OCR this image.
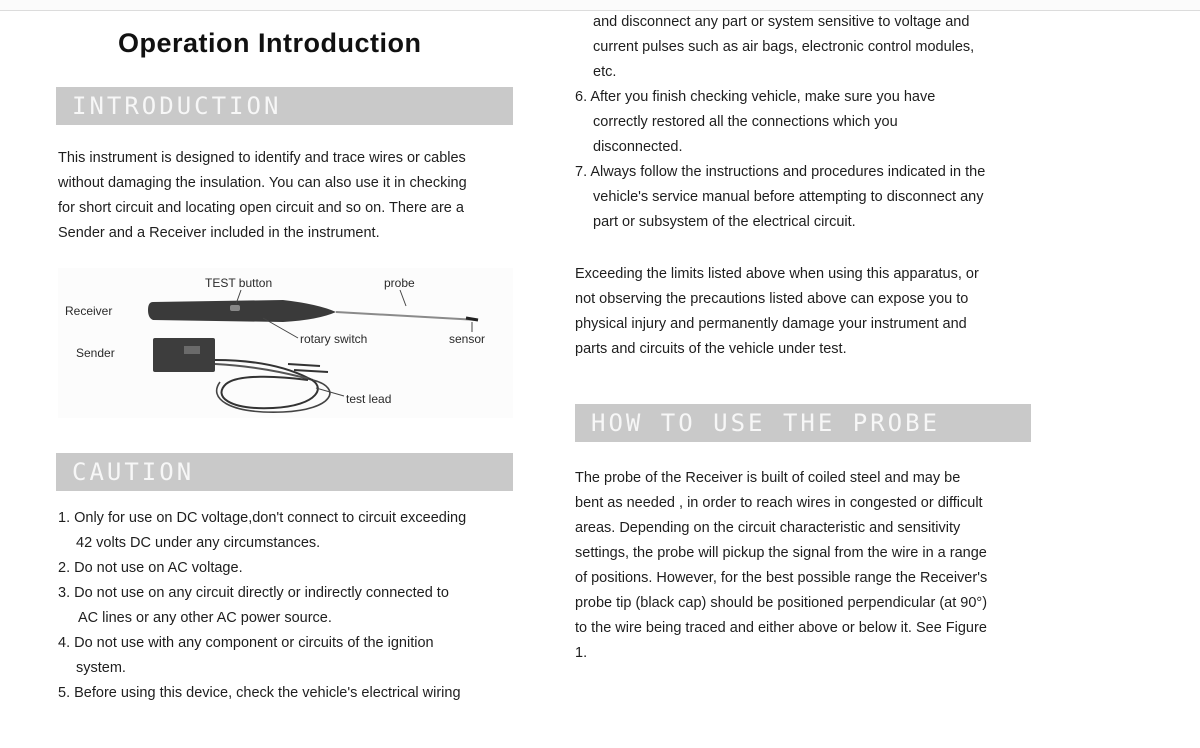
Operation Introduction
INTRODUCTION
This instrument is designed to identify and trace wires or cables
without damaging the insulation. You can also use it in checking
for short circuit and locating open circuit and so on. There are a
Sender and a Receiver included in the instrument.
TEST button	probe
Receiver
rotary switch	sensor
Sender
test lead
CAUTION
1. Only for use on DC voltage,don't connect to circuit exceeding
42 volts DC under any circumstances.
2. Do not use on AC voltage.
3. Do not use on any circuit directly or indirectly connected to
AC lines or any other AC power source.
4. Do not use with any component or circuits of the ignition
system.
5. Before using this device, check the vehicle's electrical wiring
and disconnect any part or system sensitive to voltage and
current pulses such as air bags, electronic control modules,
etc.
6. After you finish checking vehicle, make sure you have
correctly restored all the connections which you
disconnected.
7. Always follow the instructions and procedures indicated in the
vehicle's service manual before attempting to disconnect any
part or subsystem of the electrical circuit.
Exceeding the limits listed above when using this apparatus, or
not observing the precautions listed above can expose you to
physical injury and permanently damage your instrument and
parts and circuits of the vehicle under test.
HOW TO USE THE PROBE
The probe of the Receiver is built of coiled steel and may be
bent as needed , in order to reach wires in congested or difficult
areas. Depending on the circuit characteristic and sensitivity
settings, the probe will pickup the signal from the wire in a range
of positions. However, for the best possible range the Receiver's
probe tip (black cap) should be positioned perpendicular (at 90°)
to the wire being traced and either above or below it. See Figure
1.
